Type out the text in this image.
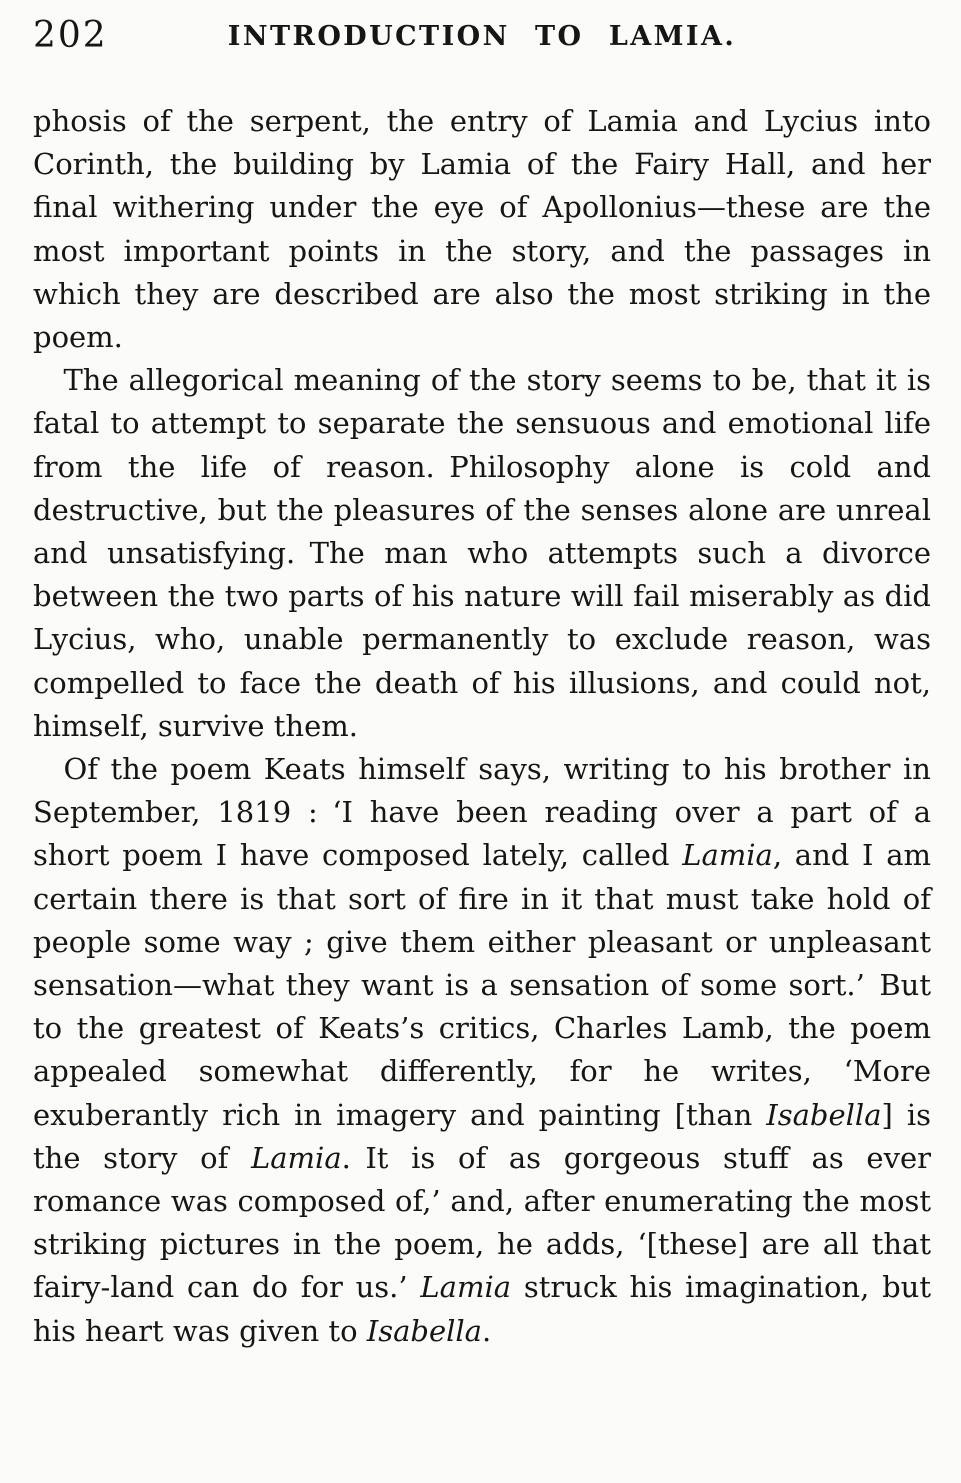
202	INTRODUCTION TO LAMIA.

phosis of the serpent, the entry of Lamia and Lycius into Corinth, the building by Lamia of the Fairy Hall, and her final withering under the eye of Apollonius—these are the most important points in the story, and the passages in which they are described are also the most striking in the poem.

The allegorical meaning of the story seems to be, that it is fatal to attempt to separate the sensuous and emotional life from the life of reason. Philosophy alone is cold and destructive, but the pleasures of the senses alone are unreal and unsatisfying. The man who attempts such a divorce between the two parts of his nature will fail miserably as did Lycius, who, unable permanently to exclude reason, was compelled to face the death of his illusions, and could not, himself, survive them.

Of the poem Keats himself says, writing to his brother in September, 1819 : ‘I have been reading over a part of a short poem I have composed lately, called Lamia, and I am certain there is that sort of fire in it that must take hold of people some way ; give them either pleasant or unpleasant sensation—what they want is a sensation of some sort.’ But to the greatest of Keats’s critics, Charles Lamb, the poem appealed somewhat differently, for he writes, ‘More exuberantly rich in imagery and painting [than Isabella] is the story of Lamia. It is of as gorgeous stuff as ever romance was composed of,’ and, after enumerating the most striking pictures in the poem, he adds, ‘[these] are all that fairy-land can do for us.’ Lamia struck his imagination, but his heart was given to Isabella.
